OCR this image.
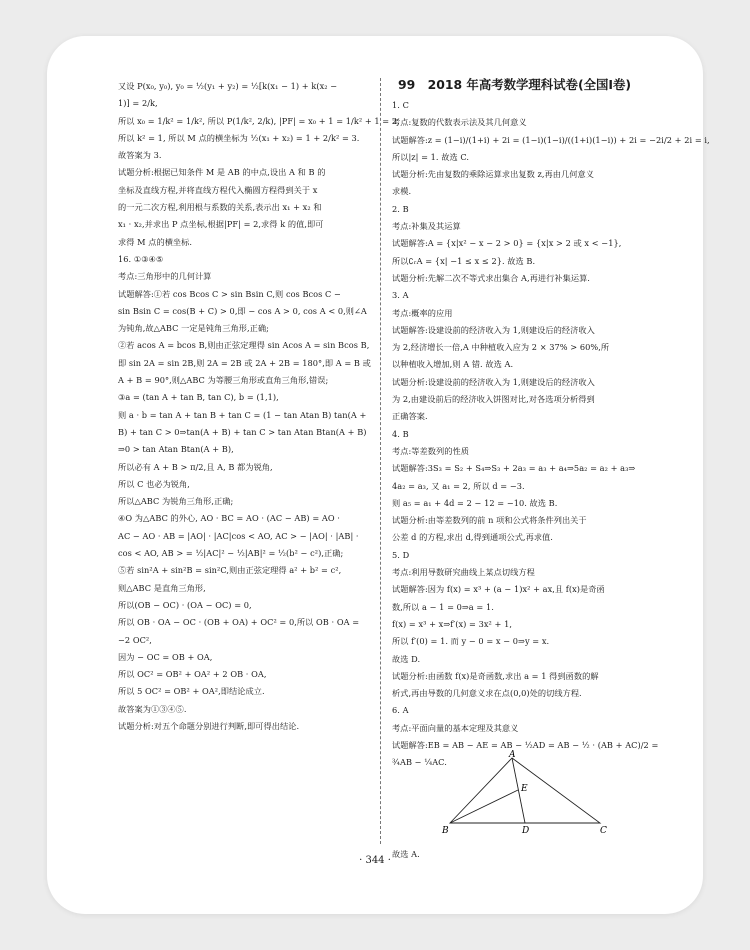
又设 P(x₀, y₀), y₀ = ½(y₁ + y₂) = ½[k(x₁ − 1) + k(x₂ −

1)] = 2/k,

所以 x₀ = 1/k² = 1/k², 所以 P(1/k², 2/k), |PF| = x₀ + 1 = 1/k² + 1 = 2,

所以 k² = 1, 所以 M 点的横坐标为 ½(x₁ + x₂) = 1 + 2/k² = 3.

故答案为 3.

试题分析:根据已知条件 M 是 AB 的中点,设出 A 和 B 的

坐标及直线方程,并将直线方程代入椭圆方程得到关于 x

的一元二次方程,利用根与系数的关系,表示出 x₁ + x₂ 和

x₁ · x₂,并求出 P 点坐标,根据|PF| = 2,求得 k 的值,即可

求得 M 点的横坐标.

16. ①③④⑤

考点:三角形中的几何计算

试题解答:①若 cos Bcos C > sin Bsin C,则 cos Bcos C −

sin Bsin C = cos(B + C) > 0,即 − cos A > 0, cos A < 0,则∠A

为钝角,故△ABC 一定是钝角三角形,正确;

②若 acos A = bcos B,则由正弦定理得 sin Acos A = sin Bcos B,

即 sin 2A = sin 2B,则 2A = 2B 或 2A + 2B = 180°,即 A = B 或

A + B = 90°,则△ABC 为等腰三角形或直角三角形,错误;

③a = (tan A + tan B, tan C), b = (1,1),

则 a · b = tan A + tan B + tan C = (1 − tan Atan B) tan(A +

B) + tan C > 0⇒tan(A + B) + tan C > tan Atan Btan(A + B)

⇒0 > tan Atan Btan(A + B),

所以必有 A + B > π/2,且 A, B 都为锐角,

所以 C 也必为锐角,

所以△ABC 为锐角三角形,正确;

④O 为△ABC 的外心, AO · BC = AO · (AC − AB) = AO ·

AC − AO · AB = |AO| · |AC|cos < AO, AC > − |AO| · |AB| ·

cos < AO, AB > = ½|AC|² − ½|AB|² = ½(b² − c²),正确;

⑤若 sin²A + sin²B = sin²C,则由正弦定理得 a² + b² = c²,

则△ABC 是直角三角形,

所以(OB − OC) · (OA − OC) = 0,

所以 OB · OA − OC · (OB + OA) + OC² = 0,所以 OB · OA =

−2 OC²,

因为 − OC = OB + OA,

所以 OC² = OB² + OA² + 2 OB · OA,

所以 5 OC² = OB² + OA²,即结论成立.

故答案为①③④⑤.

试题分析:对五个命题分别进行判断,即可得出结论.

99　2018 年高考数学理科试卷(全国Ⅰ卷)

1. C

考点:复数的代数表示法及其几何意义

试题解答:z = (1−i)/(1+i) + 2i = (1−i)(1−i)/((1+i)(1−i)) + 2i = −2i/2 + 2i = i,

所以|z| = 1. 故选 C.

试题分析:先由复数的乘除运算求出复数 z,再由几何意义

求模.

2. B

考点:补集及其运算

试题解答:A = {x|x² − x − 2 > 0} = {x|x > 2 或 x < −1},

所以∁ᵣA = {x| −1 ≤ x ≤ 2}. 故选 B.

试题分析:先解二次不等式求出集合 A,再进行补集运算.

3. A

考点:概率的应用

试题解答:设建设前的经济收入为 1,则建设后的经济收入

为 2,经济增长一倍,A 中种植收入应为 2 × 37% > 60%,所

以种植收入增加,则 A 错. 故选 A.

试题分析:设建设前的经济收入为 1,则建设后的经济收入

为 2,由建设前后的经济收入饼图对比,对各选项分析得到

正确答案.

4. B

考点:等差数列的性质

试题解答:3S₃ = S₂ + S₄⇒S₃ + 2a₃ = a₃ + a₄⇒5a₂ = a₂ + a₃⇒

4a₂ = a₃, 又 a₁ = 2, 所以 d = −3.

则 a₅ = a₁ + 4d = 2 − 12 = −10. 故选 B.

试题分析:由等差数列的前 n 项和公式将条件列出关于

公差 d 的方程,求出 d,得到通项公式,再求值.

5. D

考点:利用导数研究曲线上某点切线方程

试题解答:因为 f(x) = x³ + (a − 1)x² + ax,且 f(x)是奇函

数,所以 a − 1 = 0⇒a = 1.

f(x) = x³ + x⇒f′(x) = 3x² + 1,

所以 f′(0) = 1. 而 y − 0 = x − 0⇒y = x.

故选 D.

试题分析:由函数 f(x)是奇函数,求出 a = 1 得到函数的解

析式,再由导数的几何意义求在点(0,0)处的切线方程.

6. A

考点:平面向量的基本定理及其意义

试题解答:EB = AB − AE = AB − ½AD = AB − ½ · (AB + AC)/2 =

¾AB − ¼AC.

故选 A.

A
B	C
D
E
· 344 ·
